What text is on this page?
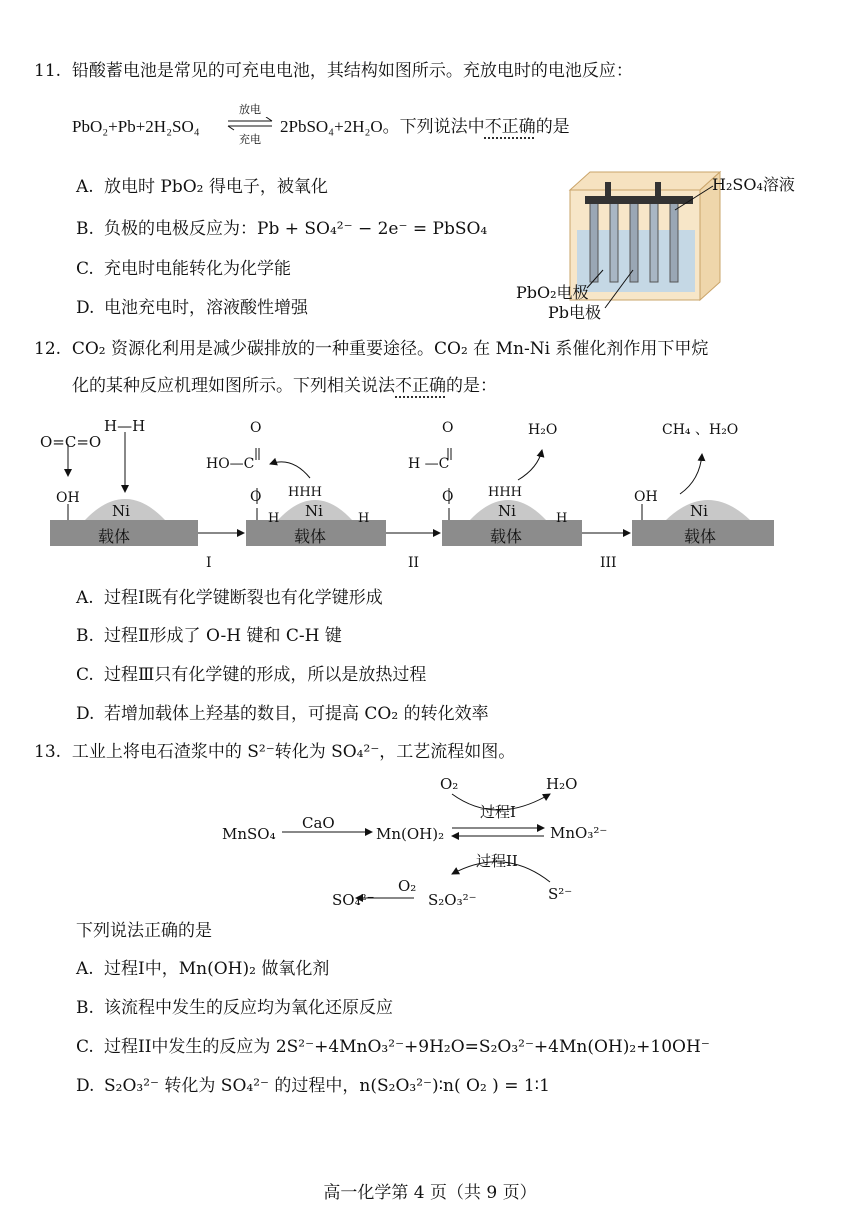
11. 铅酸蓄电池是常见的可充电电池，其结构如图所示。充放电时的电池反应：
PbO₂+Pb+2H₂SO₄
放电
充电
2PbSO₄+2H₂O。下列说法中不正确的是
A. 放电时 PbO₂ 得电子，被氧化
B. 负极的电极反应为：Pb + SO₄²⁻ − 2e⁻ = PbSO₄
C. 充电时电能转化为化学能
D. 电池充电时，溶液酸性增强
H₂SO₄溶液
PbO₂电极
Pb电极
12. CO₂ 资源化利用是减少碳排放的一种重要途径。CO₂ 在 Mn-Ni 系催化剂作用下甲烷
化的某种反应机理如图所示。下列相关说法不正确的是：
O=C=O
H—H
OH
Ni
载体
O
HO—C
O HHH
H	H
Ni
载体
I
O
H —C
O	HHH
H
Ni
载体
II
H₂O
OH
Ni
载体
III
CH₄ 、H₂O
A. 过程Ⅰ既有化学键断裂也有化学键形成
B. 过程Ⅱ形成了 O-H 键和 C-H 键
C. 过程Ⅲ只有化学键的形成，所以是放热过程
D. 若增加载体上羟基的数目，可提高 CO₂ 的转化效率
13. 工业上将电石渣浆中的 S²⁻转化为 SO₄²⁻，工艺流程如图。
MnSO₄
CaO
Mn(OH)₂	MnO₃²⁻
O₂	H₂O
过程I
过程II
O₂
SO₄²⁻	S₂O₃²⁻	S²⁻
下列说法正确的是
A. 过程I中，Mn(OH)₂ 做氧化剂
B. 该流程中发生的反应均为氧化还原反应
C. 过程II中发生的反应为 2S²⁻+4MnO₃²⁻+9H₂O=S₂O₃²⁻+4Mn(OH)₂+10OH⁻
D. S₂O₃²⁻ 转化为 SO₄²⁻ 的过程中，n(S₂O₃²⁻)∶n( O₂ ) = 1∶1
高一化学第 4 页（共 9 页）
